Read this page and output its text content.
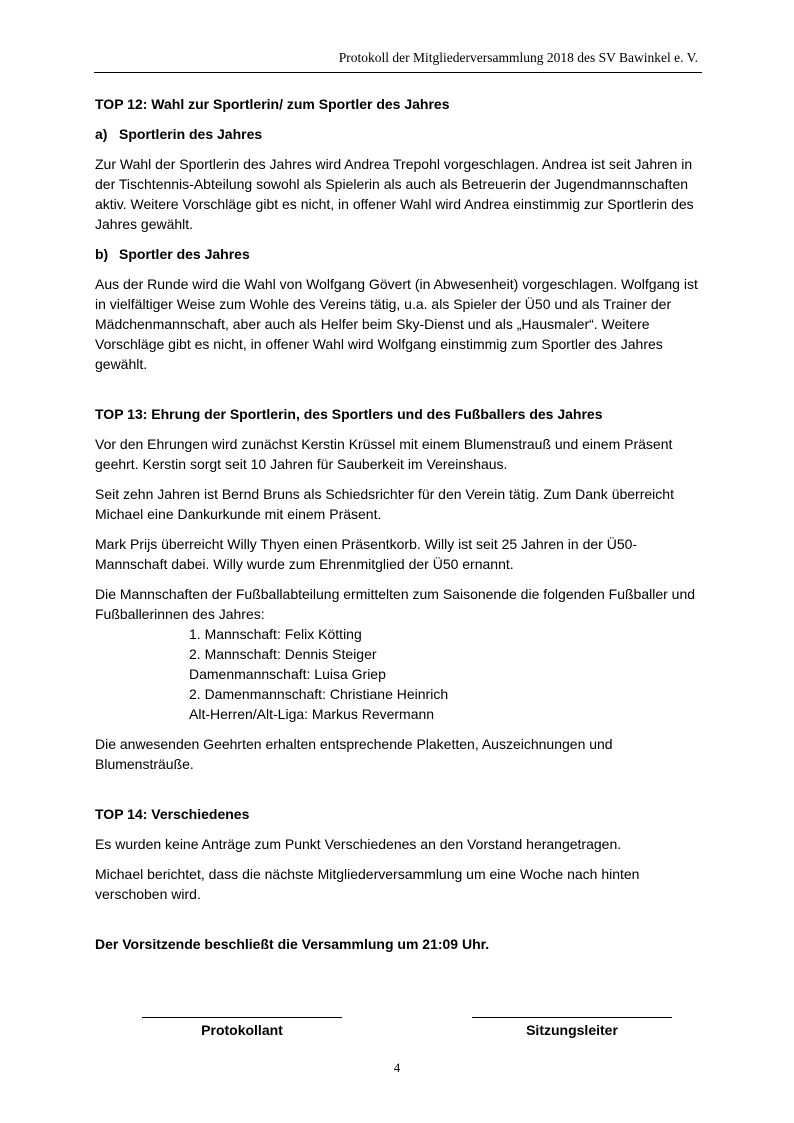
Protokoll der Mitgliederversammlung 2018 des SV Bawinkel e. V.

TOP 12: Wahl zur Sportlerin/ zum Sportler des Jahres

a) Sportlerin des Jahres

Zur Wahl der Sportlerin des Jahres wird Andrea Trepohl vorgeschlagen. Andrea ist seit Jahren in der Tischtennis-Abteilung sowohl als Spielerin als auch als Betreuerin der Jugendmannschaften aktiv. Weitere Vorschläge gibt es nicht, in offener Wahl wird Andrea einstimmig zur Sportlerin des Jahres gewählt.

b) Sportler des Jahres

Aus der Runde wird die Wahl von Wolfgang Gövert (in Abwesenheit) vorgeschlagen. Wolfgang ist in vielfältiger Weise zum Wohle des Vereins tätig, u.a. als Spieler der Ü50 und als Trainer der Mädchenmannschaft, aber auch als Helfer beim Sky-Dienst und als „Hausmaler“. Weitere Vorschläge gibt es nicht, in offener Wahl wird Wolfgang einstimmig zum Sportler des Jahres gewählt.

TOP 13: Ehrung der Sportlerin, des Sportlers und des Fußballers des Jahres

Vor den Ehrungen wird zunächst Kerstin Krüssel mit einem Blumenstrauß und einem Präsent geehrt. Kerstin sorgt seit 10 Jahren für Sauberkeit im Vereinshaus.

Seit zehn Jahren ist Bernd Bruns als Schiedsrichter für den Verein tätig. Zum Dank überreicht Michael eine Dankurkunde mit einem Präsent.

Mark Prijs überreicht Willy Thyen einen Präsentkorb. Willy ist seit 25 Jahren in der Ü50-Mannschaft dabei. Willy wurde zum Ehrenmitglied der Ü50 ernannt.

Die Mannschaften der Fußballabteilung ermittelten zum Saisonende die folgenden Fußballer und Fußballerinnen des Jahres:

1. Mannschaft: Felix Kötting
2. Mannschaft: Dennis Steiger
Damenmannschaft: Luisa Griep
2. Damenmannschaft: Christiane Heinrich
Alt-Herren/Alt-Liga: Markus Revermann

Die anwesenden Geehrten erhalten entsprechende Plaketten, Auszeichnungen und Blumensträuße.

TOP 14: Verschiedenes

Es wurden keine Anträge zum Punkt Verschiedenes an den Vorstand herangetragen.

Michael berichtet, dass die nächste Mitgliederversammlung um eine Woche nach hinten verschoben wird.

Der Vorsitzende beschließt die Versammlung um 21:09 Uhr.

Protokollant	Sitzungsleiter
4
